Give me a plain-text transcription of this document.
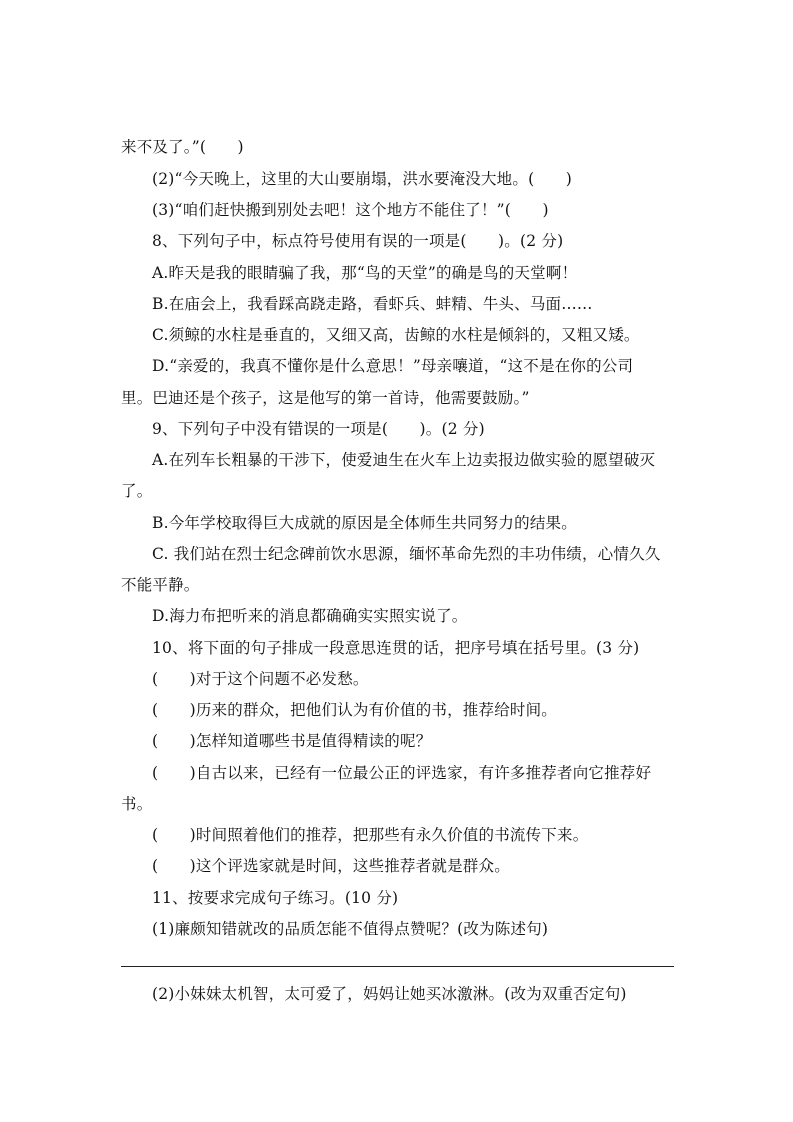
来不及了。”(　　)
(2)“今天晚上，这里的大山要崩塌，洪水要淹没大地。(　　)
(3)“咱们赶快搬到别处去吧！这个地方不能住了！”(　　)
8、下列句子中，标点符号使用有误的一项是(　　)。(2 分)
A.昨天是我的眼睛骗了我，那“鸟的天堂”的确是鸟的天堂啊！
B.在庙会上，我看踩高跷走路，看虾兵、蚌精、牛头、马面……
C.须鲸的水柱是垂直的，又细又高，齿鲸的水柱是倾斜的，又粗又矮。
D.“亲爱的，我真不懂你是什么意思！”母亲嚷道，“这不是在你的公司
里。巴迪还是个孩子，这是他写的第一首诗，他需要鼓励。”
9、下列句子中没有错误的一项是(　　)。(2 分)
A.在列车长粗暴的干涉下，使爱迪生在火车上边卖报边做实验的愿望破灭
了。
B.今年学校取得巨大成就的原因是全体师生共同努力的结果。
C. 我们站在烈士纪念碑前饮水思源，缅怀革命先烈的丰功伟绩，心情久久
不能平静。
D.海力布把听来的消息都确确实实照实说了。
10、将下面的句子排成一段意思连贯的话，把序号填在括号里。(3 分)
(　　)对于这个问题不必发愁。
(　　)历来的群众，把他们认为有价值的书，推荐给时间。
(　　)怎样知道哪些书是值得精读的呢？
(　　)自古以来，已经有一位最公正的评选家，有许多推荐者向它推荐好
书。
(　　)时间照着他们的推荐，把那些有永久价值的书流传下来。
(　　)这个评选家就是时间，这些推荐者就是群众。
11、按要求完成句子练习。(10 分)
(1)廉颇知错就改的品质怎能不值得点赞呢？(改为陈述句)
(2)小妹妹太机智，太可爱了，妈妈让她买冰激淋。(改为双重否定句)
